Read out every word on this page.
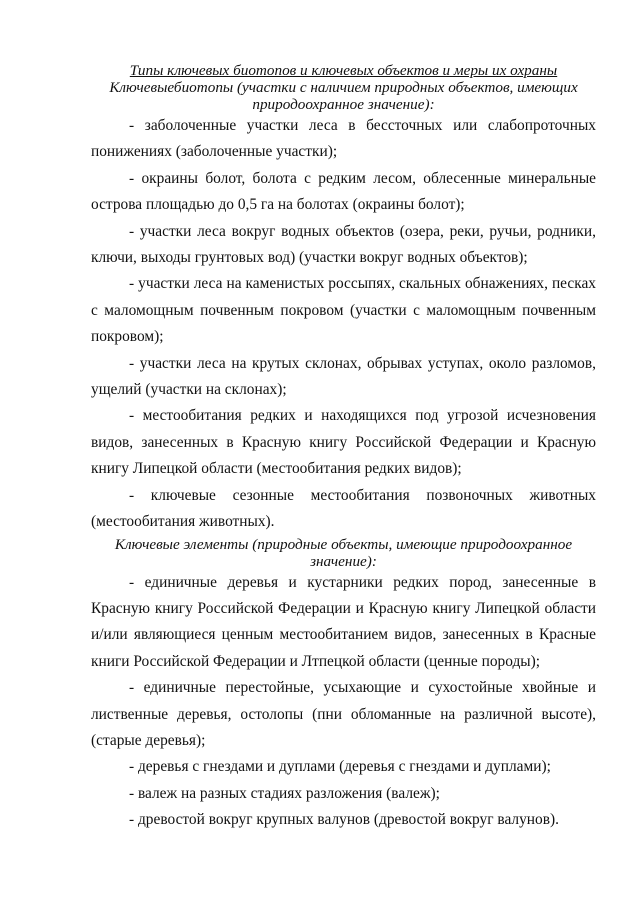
Типы ключевых биотопов и ключевых объектов и меры их охраны

Ключевыебиотопы (участки с наличием природных объектов, имеющих природоохранное значение):

- заболоченные участки леса в бессточных или слабопроточных понижениях (заболоченные участки);

- окраины болот, болота с редким лесом, облесенные минеральные острова площадью до 0,5 га на болотах (окраины болот);

- участки леса вокруг водных объектов (озера, реки, ручьи, родники, ключи, выходы грунтовых вод) (участки вокруг водных объектов);

- участки леса на каменистых россыпях, скальных обнажениях, песках с маломощным почвенным покровом (участки с маломощным почвенным покровом);

- участки леса на крутых склонах, обрывах уступах, около разломов, ущелий (участки на склонах);

- местообитания редких и находящихся под угрозой исчезновения видов, занесенных в Красную книгу Российской Федерации и Красную книгу Липецкой области (местообитания редких видов);

- ключевые сезонные местообитания позвоночных животных (местообитания животных).

Ключевые элементы (природные объекты, имеющие природоохранное значение):

- единичные деревья и кустарники редких пород, занесенные в Красную книгу Российской Федерации и Красную книгу Липецкой области и/или являющиеся ценным местообитанием видов, занесенных в Красные книги Российской Федерации и Лтпецкой области (ценные породы);

- единичные перестойные, усыхающие и сухостойные хвойные и лиственные деревья, остолопы (пни обломанные на различной высоте), (старые деревья);

- деревья с гнездами и дуплами (деревья с гнездами и дуплами);

- валеж на разных стадиях разложения (валеж);

- древостой вокруг крупных валунов (древостой вокруг валунов).
